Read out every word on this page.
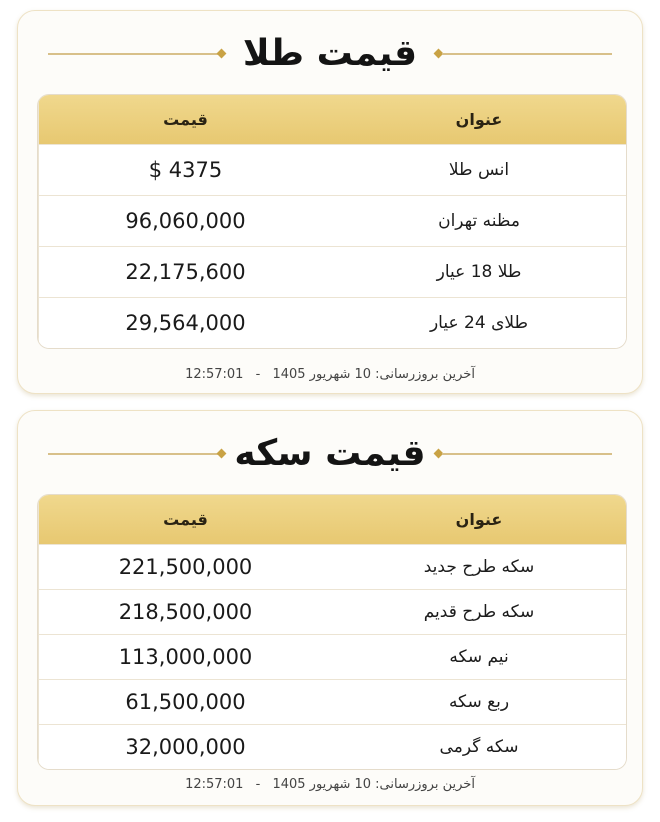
قیمت طلا
قیمت	عنوان
$ 4375	انس طلا
96,060,000	مظنه تهران
22,175,600	طلا 18 عیار
29,564,000	طلای 24 عیار
12:57:01 - 10 شهریور 1405 آخرین بروزرسانی:
قیمت سکه
قیمت	عنوان
221,500,000	سکه طرح جدید
218,500,000	سکه طرح قدیم
113,000,000	نیم سکه
61,500,000	ربع سکه
32,000,000	سکه گرمی
12:57:01 - 10 شهریور 1405 آخرین بروزرسانی:
